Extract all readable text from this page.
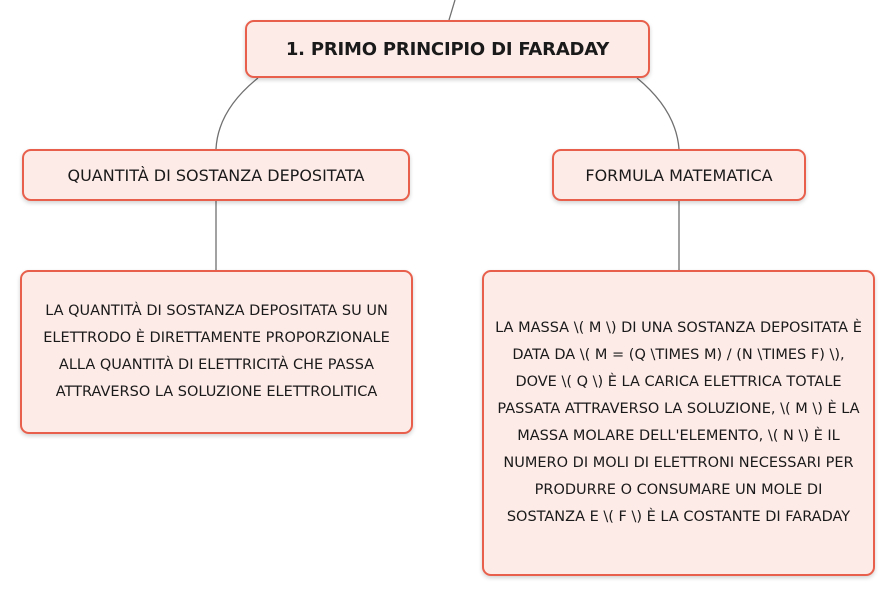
1. PRIMO PRINCIPIO DI FARADAY
QUANTITÀ DI SOSTANZA DEPOSITATA	FORMULA MATEMATICA
LA QUANTITÀ DI SOSTANZA DEPOSITATA SU UN ELETTRODO È DIRETTAMENTE PROPORZIONALE ALLA QUANTITÀ DI ELETTRICITÀ CHE PASSA ATTRAVERSO LA SOLUZIONE ELETTROLITICA
LA MASSA \( M \) DI UNA SOSTANZA DEPOSITATA È DATA DA \( M = (Q \TIMES M) / (N \TIMES F) \), DOVE \( Q \) È LA CARICA ELETTRICA TOTALE PASSATA ATTRAVERSO LA SOLUZIONE, \( M \) È LA MASSA MOLARE DELL'ELEMENTO, \( N \) È IL NUMERO DI MOLI DI ELETTRONI NECESSARI PER PRODURRE O CONSUMARE UN MOLE DI SOSTANZA E \( F \) È LA COSTANTE DI FARADAY
